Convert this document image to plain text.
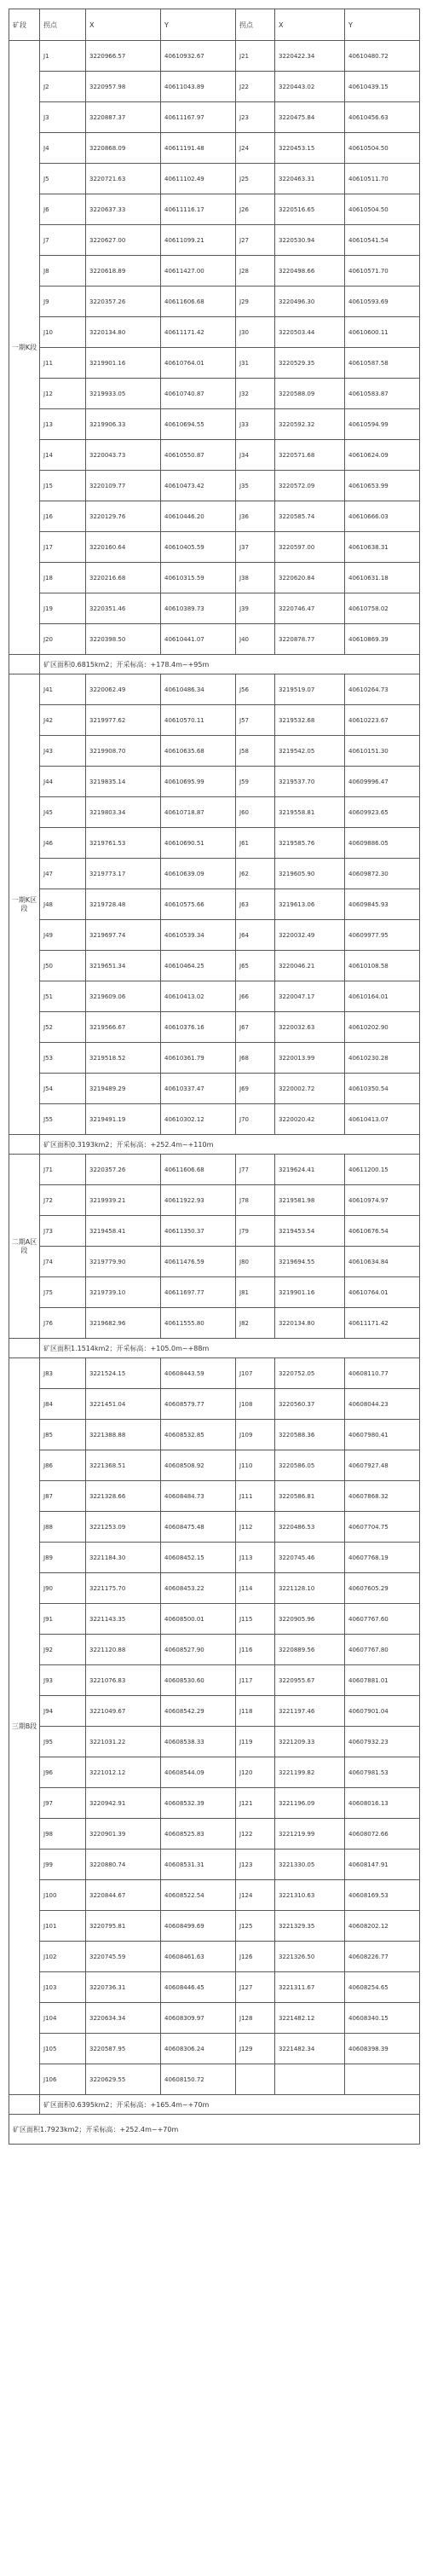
矿段	拐点	X	Y	拐点	X	Y
一期K段	J1	3220966.57	40610932.67	J21	3220422.34	40610480.72
	J2	3220957.98	40611043.89	J22	3220443.02	40610439.15
	J3	3220887.37	40611167.97	J23	3220475.84	40610456.63
	J4	3220868.09	40611191.48	J24	3220453.15	40610504.50
	J5	3220721.63	40611102.49	J25	3220463.31	40610511.70
	J6	3220637.33	40611116.17	J26	3220516.65	40610504.50
	J7	3220627.00	40611099.21	J27	3220530.94	40610541.54
	J8	3220618.89	40611427.00	J28	3220498.66	40610571.70
	J9	3220357.26	40611606.68	J29	3220496.30	40610593.69
	J10	3220134.80	40611171.42	J30	3220503.44	40610600.11
	J11	3219901.16	40610764.01	J31	3220529.35	40610587.58
	J12	3219933.05	40610740.87	J32	3220588.09	40610583.87
	J13	3219906.33	40610694.55	J33	3220592.32	40610594.99
	J14	3220043.73	40610550.87	J34	3220571.68	40610624.09
	J15	3220109.77	40610473.42	J35	3220572.09	40610653.99
	J16	3220129.76	40610446.20	J36	3220585.74	40610666.03
	J17	3220160.64	40610405.59	J37	3220597.00	40610638.31
	J18	3220216.68	40610315.59	J38	3220620.84	40610631.18
	J19	3220351.46	40610389.73	J39	3220746.47	40610758.02
	J20	3220398.50	40610441.07	J40	3220878.77	40610869.39
	矿区面积0.6815km2；开采标高：+178.4m~+95m					
一期K区段	J41	3220062.49	40610486.34	J56	3219519.07	40610264.73
	J42	3219977.62	40610570.11	J57	3219532.68	40610223.67
	J43	3219908.70	40610635.68	J58	3219542.05	40610151.30
	J44	3219835.14	40610695.99	J59	3219537.70	40609996.47
	J45	3219803.34	40610718.87	J60	3219558.81	40609923.65
	J46	3219761.53	40610690.51	J61	3219585.76	40609886.05
	J47	3219773.17	40610639.09	J62	3219605.90	40609872.30
	J48	3219728.48	40610575.66	J63	3219613.06	40609845.93
	J49	3219697.74	40610539.34	J64	3220032.49	40609977.95
	J50	3219651.34	40610464.25	J65	3220046.21	40610108.58
	J51	3219609.06	40610413.02	J66	3220047.17	40610164.01
	J52	3219566.67	40610376.16	J67	3220032.63	40610202.90
	J53	3219518.52	40610361.79	J68	3220013.99	40610230.28
	J54	3219489.29	40610337.47	J69	3220002.72	40610350.54
	J55	3219491.19	40610302.12	J70	3220020.42	40610413.07
	矿区面积0.3193km2；开采标高：+252.4m~+110m					
二期A区段	J71	3220357.26	40611606.68	J77	3219624.41	40611200.15
	J72	3219939.21	40611922.93	J78	3219581.98	40610974.97
	J73	3219458.41	40611350.37	J79	3219453.54	40610676.54
	J74	3219779.90	40611476.59	J80	3219694.55	40610634.84
	J75	3219739.10	40611697.77	J81	3219901.16	40610764.01
	J76	3219682.96	40611555.80	J82	3220134.80	40611171.42
	矿区面积1.1514km2；开采标高：+105.0m~+88m					
三期B段	J83	3221524.15	40608443.59	J107	3220752.05	40608110.77
	J84	3221451.04	40608579.77	J108	3220560.37	40608044.23
	J85	3221388.88	40608532.85	J109	3220588.36	40607980.41
	J86	3221368.51	40608508.92	J110	3220586.05	40607927.48
	J87	3221328.66	40608484.73	J111	3220586.81	40607868.32
	J88	3221253.09	40608475.48	J112	3220486.53	40607704.75
	J89	3221184.30	40608452.15	J113	3220745.46	40607768.19
	J90	3221175.70	40608453.22	J114	3221128.10	40607605.29
	J91	3221143.35	40608500.01	J115	3220905.96	40607767.60
	J92	3221120.88	40608527.90	J116	3220889.56	40607767.80
	J93	3221076.83	40608530.60	J117	3220955.67	40607881.01
	J94	3221049.67	40608542.29	J118	3221197.46	40607901.04
	J95	3221031.22	40608538.33	J119	3221209.33	40607932.23
	J96	3221012.12	40608544.09	J120	3221199.82	40607981.53
	J97	3220942.91	40608532.39	J121	3221196.09	40608016.13
	J98	3220901.39	40608525.83	J122	3221219.99	40608072.66
	J99	3220880.74	40608531.31	J123	3221330.05	40608147.91
	J100	3220844.67	40608522.54	J124	3221310.63	40608169.53
	J101	3220795.81	40608499.69	J125	3221329.35	40608202.12
	J102	3220745.59	40608461.63	J126	3221326.50	40608226.77
	J103	3220736.31	40608446.45	J127	3221311.67	40608254.65
	J104	3220634.34	40608309.97	J128	3221482.12	40608340.15
	J105	3220587.95	40608306.24	J129	3221482.34	40608398.39
	J106	3220629.55	40608150.72			
	矿区面积0.6395km2；开采标高：+165.4m~+70m					
矿区面积1.7923km2；开采标高：+252.4m~+70m						
